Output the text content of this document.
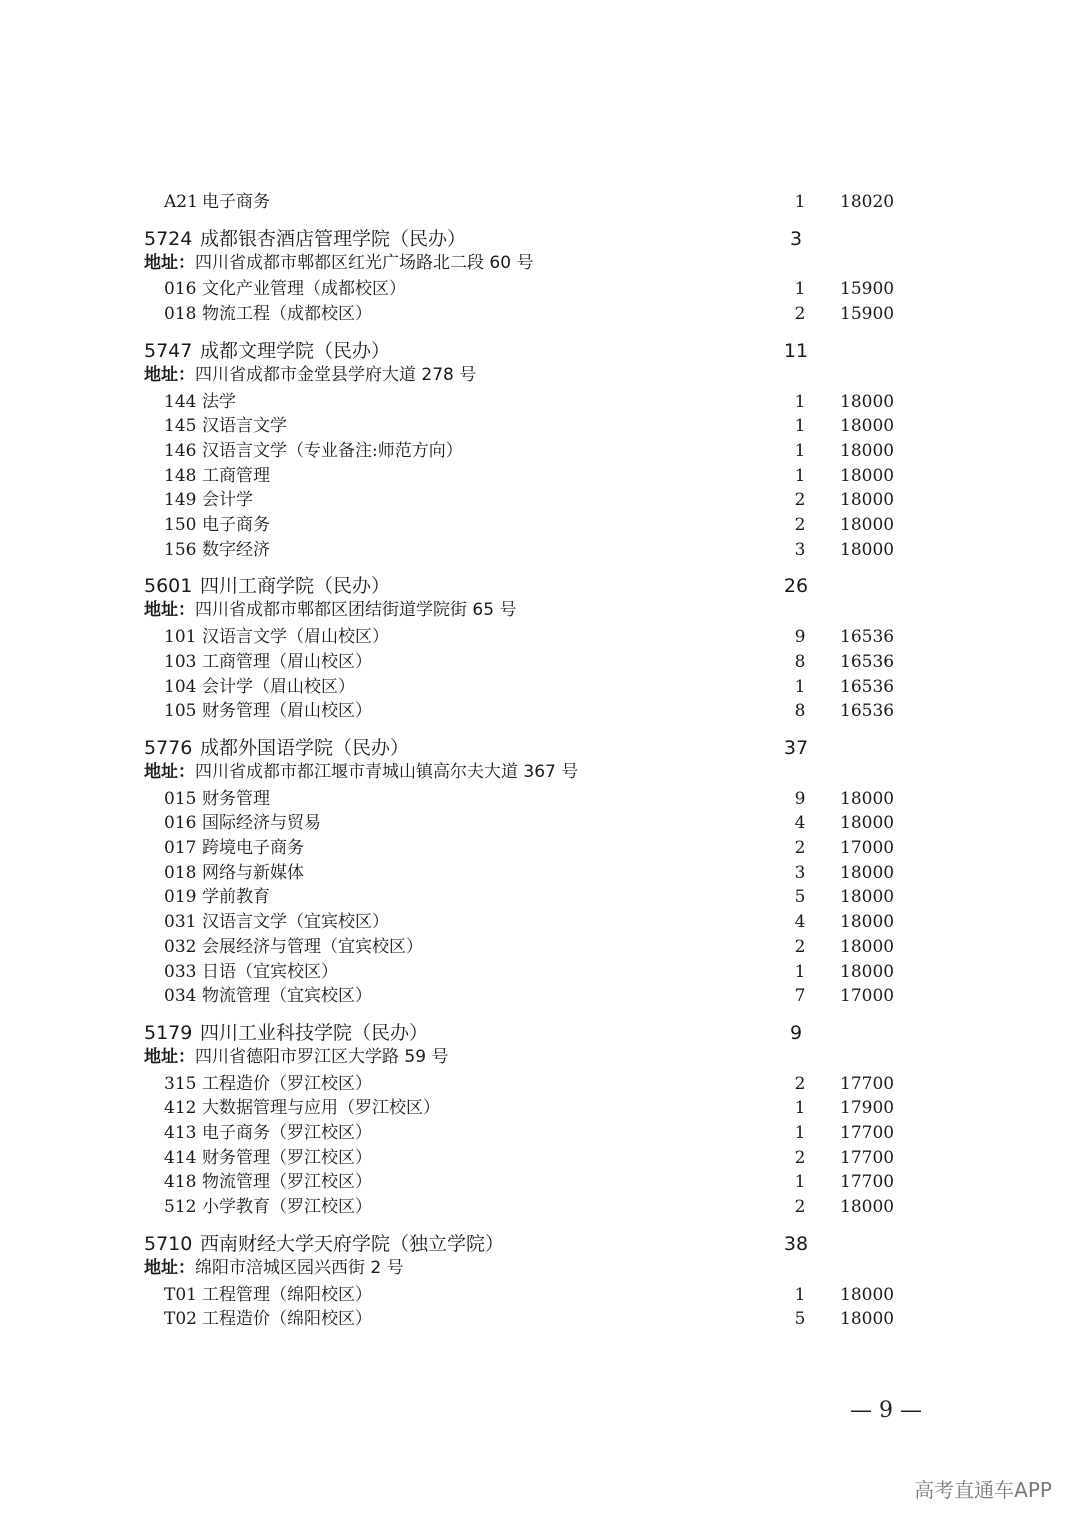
A21 电子商务	1 18020
5724 成都银杏酒店管理学院（民办）	3
地址：四川省成都市郫都区红光广场路北二段 60 号
016 文化产业管理（成都校区）	1 15900
018 物流工程（成都校区）	2 15900
5747 成都文理学院（民办）	11
地址：四川省成都市金堂县学府大道 278 号
144 法学	1 18000
145 汉语言文学	1 18000
146 汉语言文学（专业备注:师范方向）	1 18000
148 工商管理	1 18000
149 会计学	2 18000
150 电子商务	2 18000
156 数字经济	3 18000
5601 四川工商学院（民办）	26
地址：四川省成都市郫都区团结街道学院街 65 号
101 汉语言文学（眉山校区）	9 16536
103 工商管理（眉山校区）	8 16536
104 会计学（眉山校区）	1 16536
105 财务管理（眉山校区）	8 16536
5776 成都外国语学院（民办）	37
地址：四川省成都市都江堰市青城山镇高尔夫大道 367 号
015 财务管理	9 18000
016 国际经济与贸易	4 18000
017 跨境电子商务	2 17000
018 网络与新媒体	3 18000
019 学前教育	5 18000
031 汉语言文学（宜宾校区）	4 18000
032 会展经济与管理（宜宾校区）	2 18000
033 日语（宜宾校区）	1 18000
034 物流管理（宜宾校区）	7 17000
5179 四川工业科技学院（民办）	9
地址：四川省德阳市罗江区大学路 59 号
315 工程造价（罗江校区）	2 17700
412 大数据管理与应用（罗江校区）	1 17900
413 电子商务（罗江校区）	1 17700
414 财务管理（罗江校区）	2 17700
418 物流管理（罗江校区）	1 17700
512 小学教育（罗江校区）	2 18000
5710 西南财经大学天府学院（独立学院）	38
地址：绵阳市涪城区园兴西街 2 号
T01 工程管理（绵阳校区）	1 18000
T02 工程造价（绵阳校区）	5 18000
— 9 —
高考直通车APP
